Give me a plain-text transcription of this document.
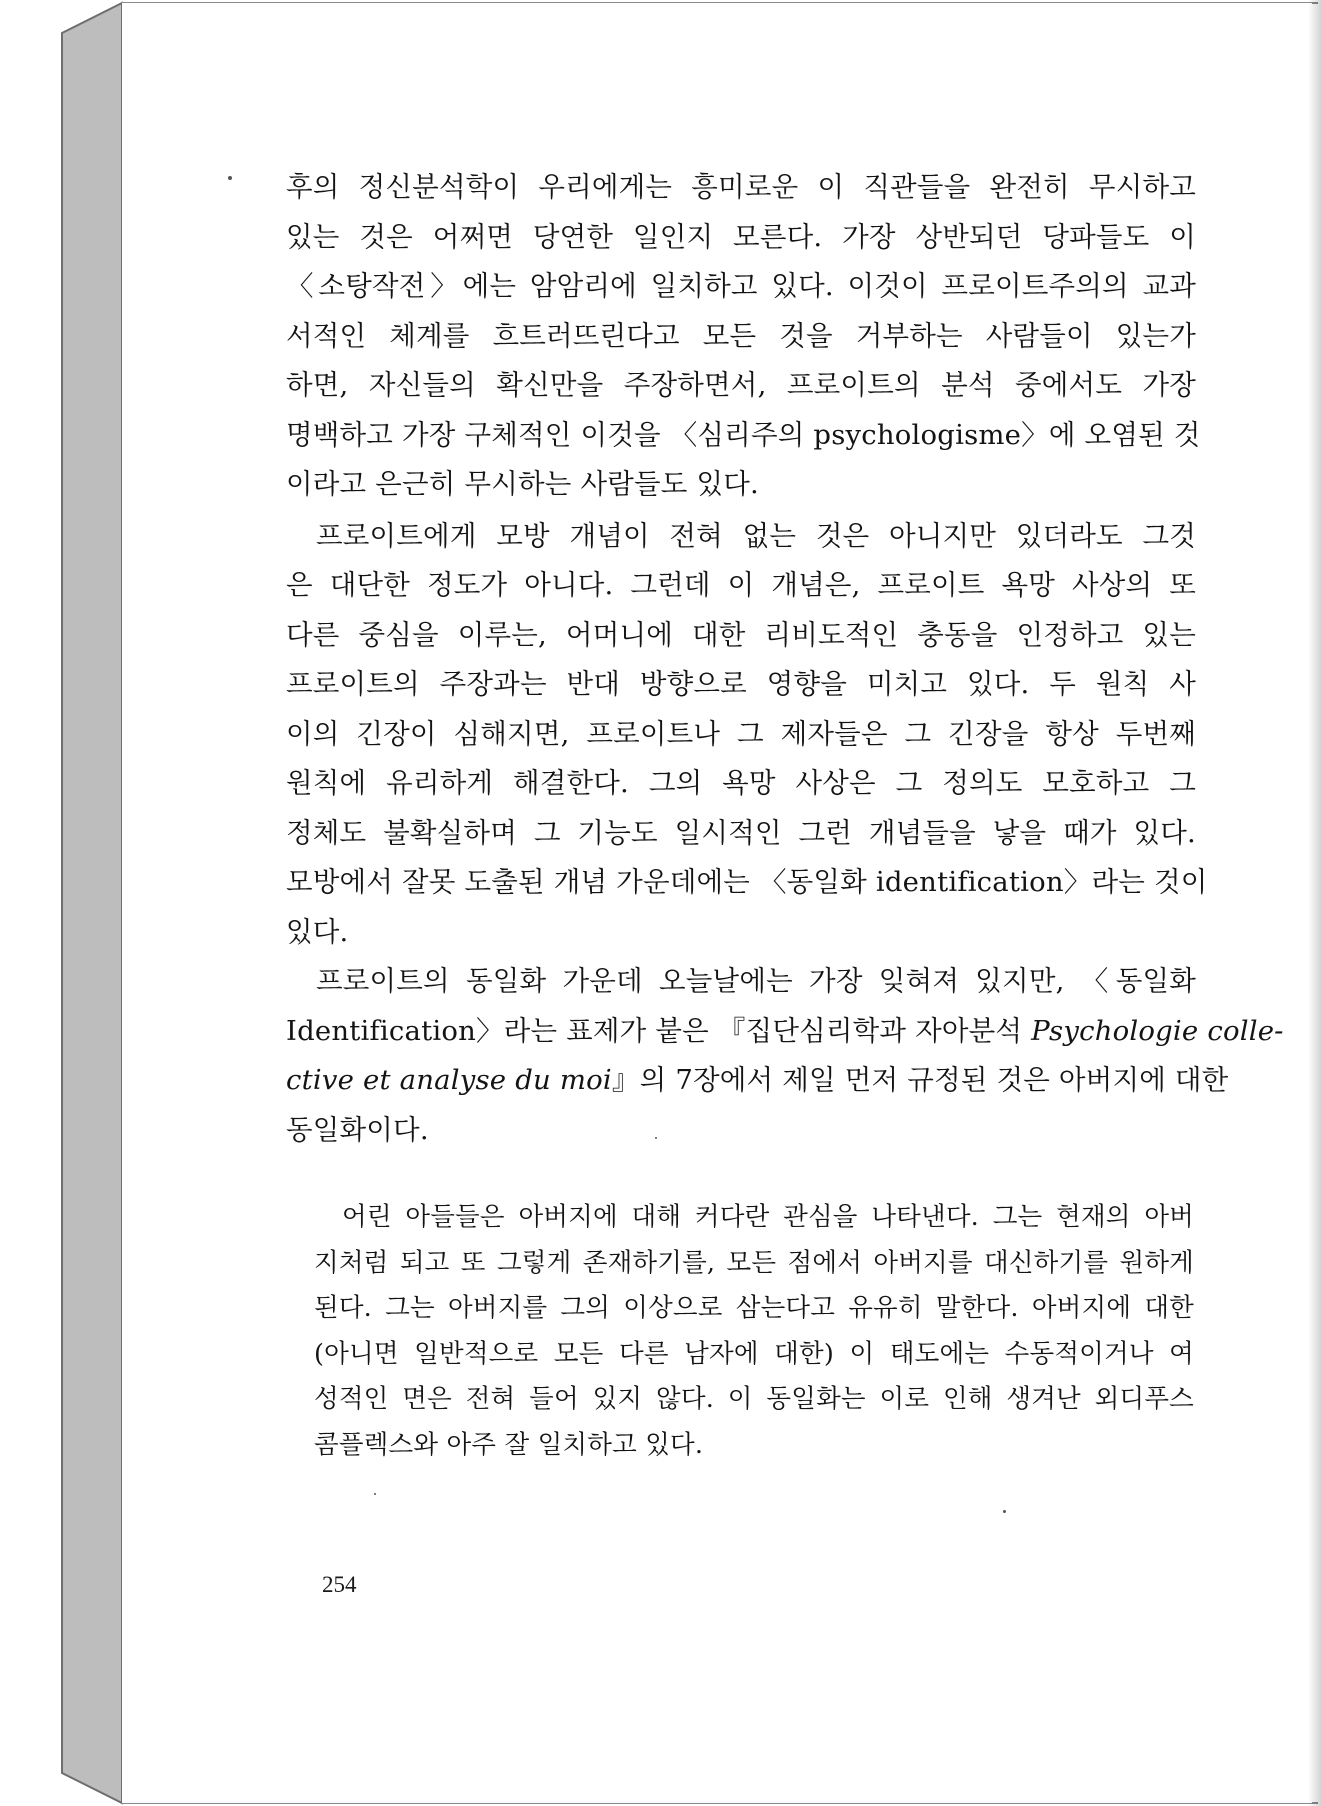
후의 정신분석학이 우리에게는 흥미로운 이 직관들을 완전히 무시하고
있는 것은 어쩌면 당연한 일인지 모른다. 가장 상반되던 당파들도 이
〈소탕작전〉에는 암암리에 일치하고 있다. 이것이 프로이트주의의 교과
서적인 체계를 흐트러뜨린다고 모든 것을 거부하는 사람들이 있는가
하면, 자신들의 확신만을 주장하면서, 프로이트의 분석 중에서도 가장
명백하고 가장 구체적인 이것을 〈심리주의 psychologisme〉에 오염된 것
이라고 은근히 무시하는 사람들도 있다.
프로이트에게 모방 개념이 전혀 없는 것은 아니지만 있더라도 그것
은 대단한 정도가 아니다. 그런데 이 개념은, 프로이트 욕망 사상의 또
다른 중심을 이루는, 어머니에 대한 리비도적인 충동을 인정하고 있는
프로이트의 주장과는 반대 방향으로 영향을 미치고 있다. 두 원칙 사
이의 긴장이 심해지면, 프로이트나 그 제자들은 그 긴장을 항상 두번째
원칙에 유리하게 해결한다. 그의 욕망 사상은 그 정의도 모호하고 그
정체도 불확실하며 그 기능도 일시적인 그런 개념들을 낳을 때가 있다.
모방에서 잘못 도출된 개념 가운데에는 〈동일화 identification〉라는 것이
있다.
프로이트의 동일화 가운데 오늘날에는 가장 잊혀져 있지만, 〈동일화
Identification〉라는 표제가 붙은 『집단심리학과 자아분석 Psychologie colle-
ctive et analyse du moi』의 7장에서 제일 먼저 규정된 것은 아버지에 대한
동일화이다.
어린 아들들은 아버지에 대해 커다란 관심을 나타낸다. 그는 현재의 아버
지처럼 되고 또 그렇게 존재하기를, 모든 점에서 아버지를 대신하기를 원하게
된다. 그는 아버지를 그의 이상으로 삼는다고 유유히 말한다. 아버지에 대한
(아니면 일반적으로 모든 다른 남자에 대한) 이 태도에는 수동적이거나 여
성적인 면은 전혀 들어 있지 않다. 이 동일화는 이로 인해 생겨난 외디푸스
콤플렉스와 아주 잘 일치하고 있다.
254
